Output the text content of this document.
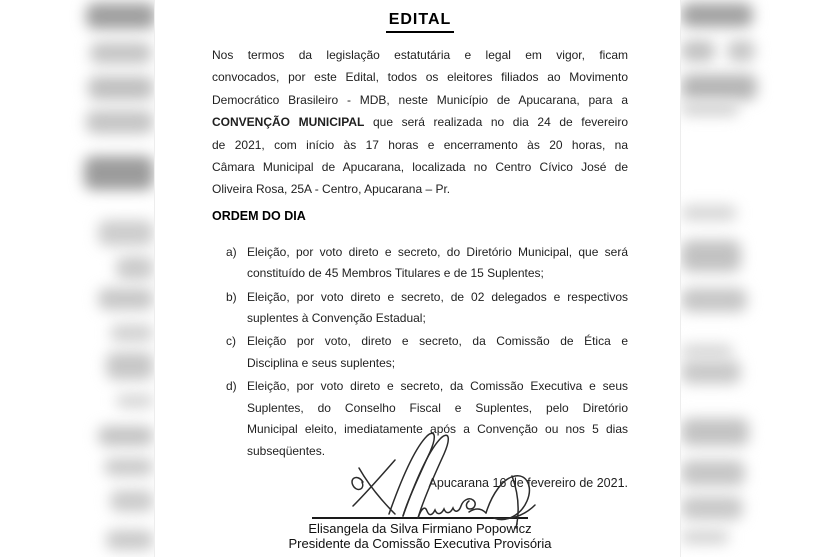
EDITAL
Nos termos da legislação estatutária e legal em vigor, ficam
convocados, por este Edital, todos os eleitores filiados ao Movimento
Democrático Brasileiro - MDB, neste Município de Apucarana, para a
CONVENÇÃO MUNICIPAL que será realizada no dia 24 de fevereiro
de 2021, com início às 17 horas e encerramento às 20 horas, na
Câmara Municipal de Apucarana, localizada no Centro Cívico José de
Oliveira Rosa, 25A - Centro, Apucarana – Pr.
ORDEM DO DIA
a) Eleição, por voto direto e secreto, do Diretório Municipal, que será
constituído de 45 Membros Titulares e de 15 Suplentes;
b) Eleição, por voto direto e secreto, de 02 delegados e respectivos
suplentes à Convenção Estadual;
c) Eleição por voto, direto e secreto, da Comissão de Ética e
Disciplina e seus suplentes;
d) Eleição, por voto direto e secreto, da Comissão Executiva e seus
Suplentes, do Conselho Fiscal e Suplentes, pelo Diretório
Municipal eleito, imediatamente após a Convenção ou nos 5 dias
subseqüentes.
Apucarana 16 de fevereiro de 2021.
Elisangela da Silva Firmiano Popowicz
Presidente da Comissão Executiva Provisória
